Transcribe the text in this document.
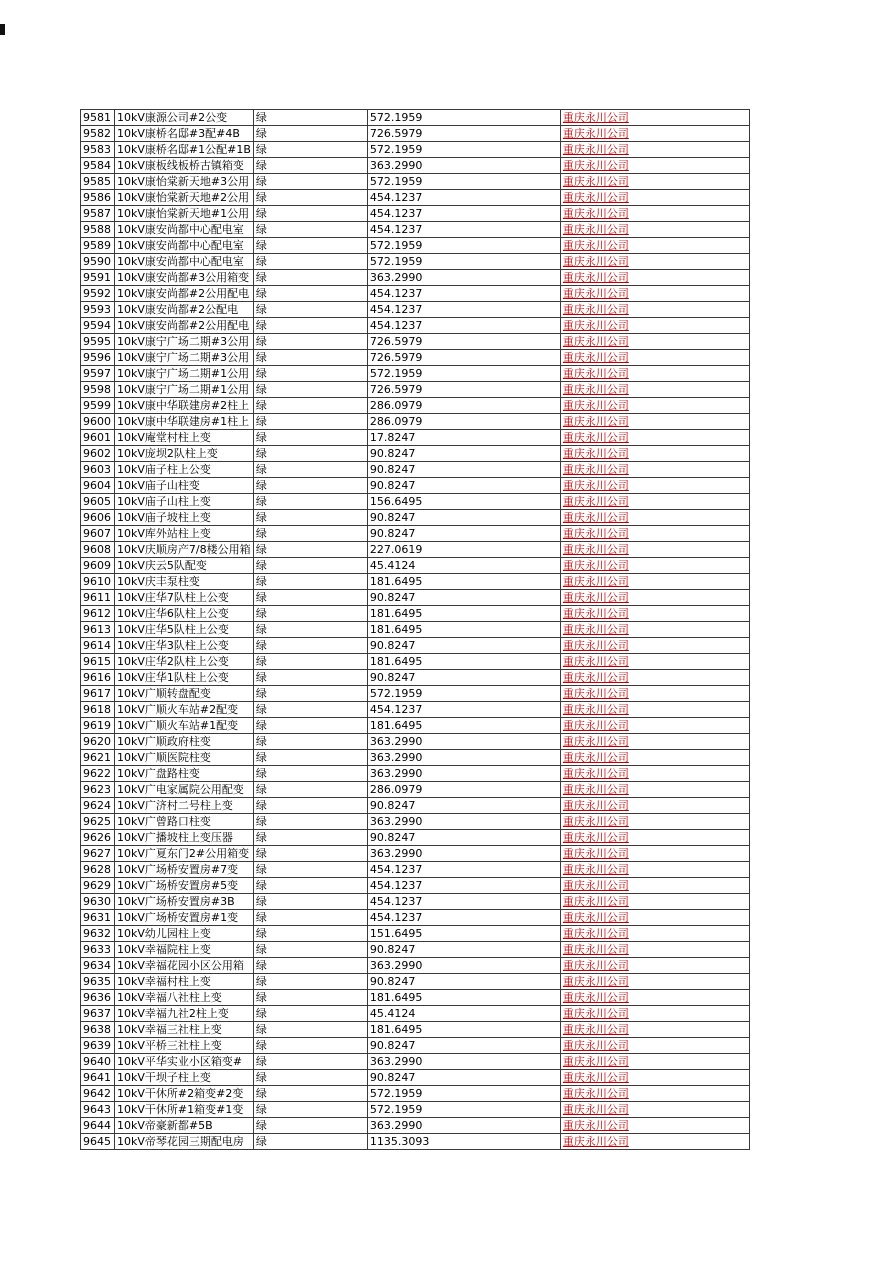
9581	10kV康源公司#2公变	绿	572.1959	重庆永川公司
9582	10kV康桥名邸#3配#4B	绿	726.5979	重庆永川公司
9583	10kV康桥名邸#1公配#1B	绿	572.1959	重庆永川公司
9584	10kV康板线板桥古镇箱变	绿	363.2990	重庆永川公司
9585	10kV康怡棠新天地#3公用	绿	572.1959	重庆永川公司
9586	10kV康怡棠新天地#2公用	绿	454.1237	重庆永川公司
9587	10kV康怡棠新天地#1公用	绿	454.1237	重庆永川公司
9588	10kV康安尚都中心配电室	绿	454.1237	重庆永川公司
9589	10kV康安尚都中心配电室	绿	572.1959	重庆永川公司
9590	10kV康安尚都中心配电室	绿	572.1959	重庆永川公司
9591	10kV康安尚都#3公用箱变	绿	363.2990	重庆永川公司
9592	10kV康安尚都#2公用配电	绿	454.1237	重庆永川公司
9593	10kV康安尚都#2公配电	绿	454.1237	重庆永川公司
9594	10kV康安尚都#2公用配电	绿	454.1237	重庆永川公司
9595	10kV康宁广场二期#3公用	绿	726.5979	重庆永川公司
9596	10kV康宁广场二期#3公用	绿	726.5979	重庆永川公司
9597	10kV康宁广场二期#1公用	绿	572.1959	重庆永川公司
9598	10kV康宁广场二期#1公用	绿	726.5979	重庆永川公司
9599	10kV康中华联建房#2柱上	绿	286.0979	重庆永川公司
9600	10kV康中华联建房#1柱上	绿	286.0979	重庆永川公司
9601	10kV庵堂村柱上变	绿	17.8247	重庆永川公司
9602	10kV庞坝2队柱上变	绿	90.8247	重庆永川公司
9603	10kV庙子柱上公变	绿	90.8247	重庆永川公司
9604	10kV庙子山柱变	绿	90.8247	重庆永川公司
9605	10kV庙子山柱上变	绿	156.6495	重庆永川公司
9606	10kV庙子坡柱上变	绿	90.8247	重庆永川公司
9607	10kV库外站柱上变	绿	90.8247	重庆永川公司
9608	10kV庆顺房产7/8楼公用箱	绿	227.0619	重庆永川公司
9609	10kV庆云5队配变	绿	45.4124	重庆永川公司
9610	10kV庆丰泵柱变	绿	181.6495	重庆永川公司
9611	10kV庄华7队柱上公变	绿	90.8247	重庆永川公司
9612	10kV庄华6队柱上公变	绿	181.6495	重庆永川公司
9613	10kV庄华5队柱上公变	绿	181.6495	重庆永川公司
9614	10kV庄华3队柱上公变	绿	90.8247	重庆永川公司
9615	10kV庄华2队柱上公变	绿	181.6495	重庆永川公司
9616	10kV庄华1队柱上公变	绿	90.8247	重庆永川公司
9617	10kV广顺转盘配变	绿	572.1959	重庆永川公司
9618	10kV广顺火车站#2配变	绿	454.1237	重庆永川公司
9619	10kV广顺火车站#1配变	绿	181.6495	重庆永川公司
9620	10kV广顺政府柱变	绿	363.2990	重庆永川公司
9621	10kV广顺医院柱变	绿	363.2990	重庆永川公司
9622	10kV广盘路柱变	绿	363.2990	重庆永川公司
9623	10kV广电家属院公用配变	绿	286.0979	重庆永川公司
9624	10kV广济村二号柱上变	绿	90.8247	重庆永川公司
9625	10kV广曾路口柱变	绿	363.2990	重庆永川公司
9626	10kV广播坡柱上变压器	绿	90.8247	重庆永川公司
9627	10kV广夏东门2#公用箱变	绿	363.2990	重庆永川公司
9628	10kV广场桥安置房#7变	绿	454.1237	重庆永川公司
9629	10kV广场桥安置房#5变	绿	454.1237	重庆永川公司
9630	10kV广场桥安置房#3B	绿	454.1237	重庆永川公司
9631	10kV广场桥安置房#1变	绿	454.1237	重庆永川公司
9632	10kV幼儿园柱上变	绿	151.6495	重庆永川公司
9633	10kV幸福院柱上变	绿	90.8247	重庆永川公司
9634	10kV幸福花园小区公用箱	绿	363.2990	重庆永川公司
9635	10kV幸福村柱上变	绿	90.8247	重庆永川公司
9636	10kV幸福八社柱上变	绿	181.6495	重庆永川公司
9637	10kV幸福九社2柱上变	绿	45.4124	重庆永川公司
9638	10kV幸福三社柱上变	绿	181.6495	重庆永川公司
9639	10kV平桥三社柱上变	绿	90.8247	重庆永川公司
9640	10kV平华实业小区箱变#	绿	363.2990	重庆永川公司
9641	10kV干坝子柱上变	绿	90.8247	重庆永川公司
9642	10kV干休所#2箱变#2变	绿	572.1959	重庆永川公司
9643	10kV干休所#1箱变#1变	绿	572.1959	重庆永川公司
9644	10kV帝豪新都#5B	绿	363.2990	重庆永川公司
9645	10kV帝琴花园三期配电房	绿	1135.3093	重庆永川公司
